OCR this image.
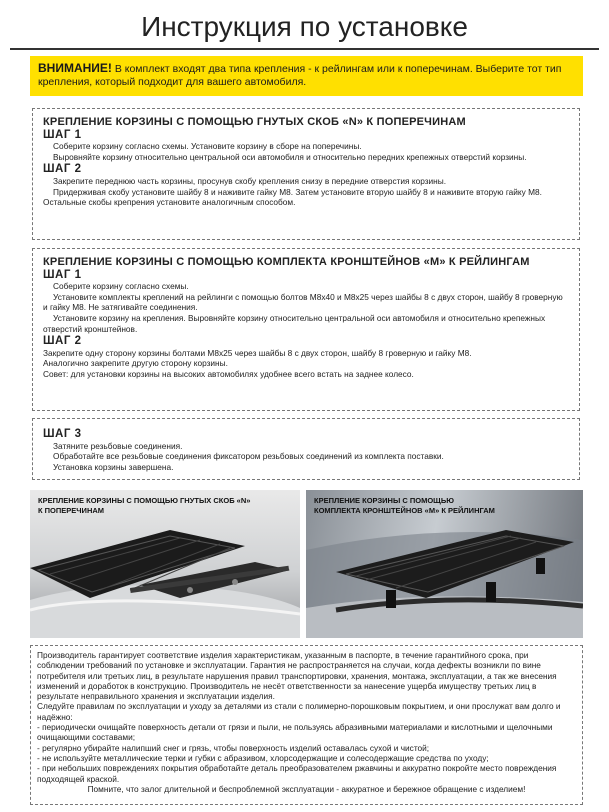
Инструкция по установке
ВНИМАНИЕ! В комплект входят два типа крепления - к рейлингам или к поперечинам. Выберите тот тип крепления, который подходит для вашего автомобиля.
КРЕПЛЕНИЕ КОРЗИНЫ С ПОМОЩЬЮ ГНУТЫХ СКОБ «N» К ПОПЕРЕЧИНАМ
ШАГ 1

Соберите корзину согласно схемы. Установите корзину в сборе на поперечины.

Выровняйте корзину относительно центральной оси автомобиля и относительно передних крепежных отверстий корзины.

ШАГ 2

Закрепите переднюю часть корзины, просунув скобу крепления снизу в передние отверстия корзины.

Придерживая скобу установите шайбу 8 и наживите гайку М8. Затем установите вторую шайбу 8 и наживите вторую гайку М8. Остальные скобы крепрения установите аналогичным способом.

КРЕПЛЕНИЕ КОРЗИНЫ С ПОМОЩЬЮ КОМПЛЕКТА КРОНШТЕЙНОВ «М» К РЕЙЛИНГАМ
ШАГ 1

Соберите корзину согласно схемы.

Установите комплекты креплений на рейлинги с помощью болтов М8х40 и М8х25 через шайбы 8 с двух сторон, шайбу 8 гроверную и гайку М8. Не затягивайте соединения.

Установите корзину на крепления. Выровняйте корзину относительно центральной оси автомобиля и относительно крепежных отверстий кронштейнов.

ШАГ 2

Закрепите одну сторону корзины болтами М8х25 через шайбы 8 с двух сторон, шайбу 8 гроверную и гайку М8.

Аналогично закрепите другую сторону корзины.

Совет: для установки корзины на высоких автомобилях удобнее всего встать на заднее колесо.

ШАГ 3

Затяните резьбовые соединения.

Обработайте все резьбовые соединения фиксатором резьбовых соединений из комплекта поставки.

Установка корзины завершена.

КРЕПЛЕНИЕ КОРЗИНЫ С ПОМОЩЬЮ ГНУТЫХ СКОБ «N»
К ПОПЕРЕЧИНАМ
КРЕПЛЕНИЕ КОРЗИНЫ С ПОМОЩЬЮ
КОМПЛЕКТА КРОНШТЕЙНОВ «М» К РЕЙЛИНГАМ

Производитель гарантирует соответствие изделия характеристикам, указанным в паспорте, в течение гарантийного срока, при соблюдении требований по установке и эксплуатации. Гарантия не распространяется на случаи, когда дефекты возникли по вине потребителя или третьих лиц, в результате нарушения правил транспортировки, хранения, монтажа, эксплуатации, а так же внесения изменений и доработок в конструкцию. Производитель не несёт ответственности за нанесение ущерба имуществу третьих лиц в результате неправильного хранения и эксплуатации изделия.

Следуйте правилам по эксплуатации и уходу за деталями из стали с полимерно-порошковым покрытием, и они прослужат вам долго и надёжно:

- периодически очищайте поверхность детали от грязи и пыли, не пользуясь абразивными материалами и кислотными и щелочными очищающими составами;

- регулярно убирайте налипший снег и грязь, чтобы поверхность изделий оставалась сухой и чистой;

- не используйте металлические терки и губки с абразивом, хлорсодержащие и солесодержащие средства по уходу;

- при небольших повреждениях покрытия обработайте деталь преобразователем ржавчины и аккуратно покройте место повреждения подходящей краской.

Помните, что залог длительной и беспроблемной эксплуатации - аккуратное и бережное обращение с изделием!
